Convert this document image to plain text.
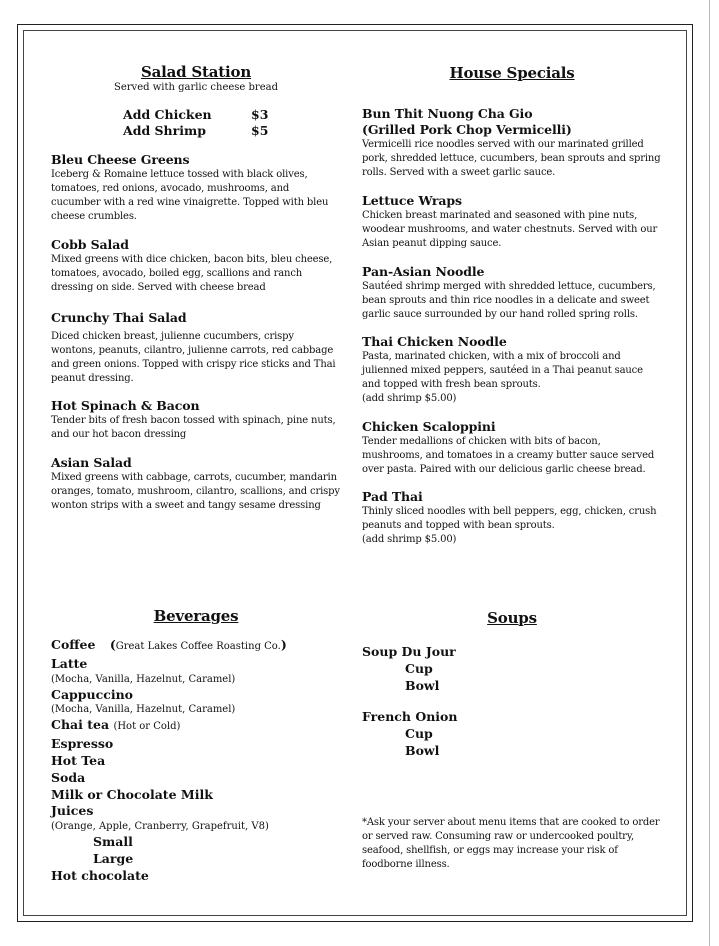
Salad Station
Served with garlic cheese bread
Add Chicken	$3
Add Shrimp	$5
Bleu Cheese Greens
Iceberg & Romaine lettuce tossed with black olives, tomatoes, red onions, avocado, mushrooms, and cucumber with a red wine vinaigrette. Topped with bleu cheese crumbles.
Cobb Salad
Mixed greens with dice chicken, bacon bits, bleu cheese, tomatoes, avocado, boiled egg, scallions and ranch dressing on side. Served with cheese bread
Crunchy Thai Salad
Diced chicken breast, julienne cucumbers, crispy wontons, peanuts, cilantro, julienne carrots, red cabbage and green onions. Topped with crispy rice sticks and Thai peanut dressing.
Hot Spinach & Bacon
Tender bits of fresh bacon tossed with spinach, pine nuts, and our hot bacon dressing
Asian Salad
Mixed greens with cabbage, carrots, cucumber, mandarin oranges, tomato, mushroom, cilantro, scallions, and crispy wonton strips with a sweet and tangy sesame dressing
House Specials
Bun Thit Nuong Cha Gio
(Grilled Pork Chop Vermicelli)
Vermicelli rice noodles served with our marinated grilled pork, shredded lettuce, cucumbers, bean sprouts and spring rolls. Served with a sweet garlic sauce.
Lettuce Wraps
Chicken breast marinated and seasoned with pine nuts, woodear mushrooms, and water chestnuts. Served with our Asian peanut dipping sauce.
Pan-Asian Noodle
Sautéed shrimp merged with shredded lettuce, cucumbers, bean sprouts and thin rice noodles in a delicate and sweet garlic sauce surrounded by our hand rolled spring rolls.
Thai Chicken Noodle
Pasta, marinated chicken, with a mix of broccoli and julienned mixed peppers, sautéed in a Thai peanut sauce and topped with fresh bean sprouts.
(add shrimp $5.00)
Chicken Scaloppini
Tender medallions of chicken with bits of bacon, mushrooms, and tomatoes in a creamy butter sauce served over pasta. Paired with our delicious garlic cheese bread.
Pad Thai
Thinly sliced noodles with bell peppers, egg, chicken, crush peanuts and topped with bean sprouts.
(add shrimp $5.00)
Beverages
Coffee (Great Lakes Coffee Roasting Co.)
Latte
(Mocha, Vanilla, Hazelnut, Caramel)
Cappuccino
(Mocha, Vanilla, Hazelnut, Caramel)
Chai tea (Hot or Cold)
Espresso
Hot Tea
Soda
Milk or Chocolate Milk
Juices
(Orange, Apple, Cranberry, Grapefruit, V8)
Small
Large
Hot chocolate
Soups
Soup Du Jour
Cup
Bowl
French Onion
Cup
Bowl
*Ask your server about menu items that are cooked to order or served raw. Consuming raw or undercooked poultry, seafood, shellfish, or eggs may increase your risk of foodborne illness.
